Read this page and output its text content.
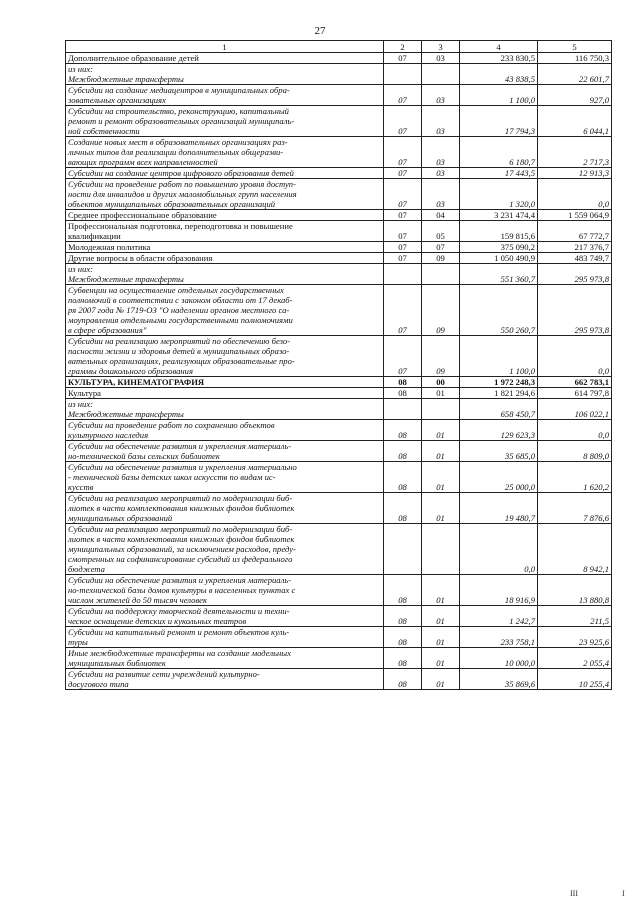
27
1	2	3	4	5
Дополнительное образование детей	07	03	233 830,5	116 750,3
из них:
Межбюджетные трансферты			43 838,5	22 601,7
Субсидии на создание медиацентров в муниципальных обра-
зовательных организациях	07	03	1 100,0	927,0
Субсидии на строительство, реконструкцию, капитальный
ремонт и ремонт образовательных организаций муниципаль-
ной собственности	07	03	17 794,3	6 044,1
Создание новых мест в образовательных организациях раз-
личных типов для реализации дополнительных общеразви-
вающих программ всех направленностей	07	03	6 180,7	2 717,3
Субсидии на создание центров цифрового образования детей	07	03	17 443,5	12 913,3
Субсидии на проведение работ по повышению уровня доступ-
ности для инвалидов и других маломобильных групп населения
объектов муниципальных образовательных организаций	07	03	1 320,0	0,0
Среднее профессиональное образование	07	04	3 231 474,4	1 559 064,9
Профессиональная подготовка, переподготовка и повышение
квалификации	07	05	159 815,6	67 772,7
Молодежная политика	07	07	375 090,2	217 376,7
Другие вопросы в области образования	07	09	1 050 490,9	483 749,7
из них:
Межбюджетные трансферты			551 360,7	295 973,8
Субвенции на осуществление отдельных государственных
полномочий в соответствии с законом области от 17 декаб-
ря 2007 года № 1719-ОЗ "О наделении органов местного са-
моуправления отдельными государственными полномочиями
в сфере образования"	07	09	550 260,7	295 973,8
Субсидии на реализацию мероприятий по обеспечению безо-
пасности жизни и здоровья детей в муниципальных образо-
вательных организациях, реализующих образовательные про-
граммы дошкольного образования	07	09	1 100,0	0,0
КУЛЬТУРА, КИНЕМАТОГРАФИЯ	08	00	1 972 248,3	662 783,1
Культура	08	01	1 821 294,6	614 797,8
из них:
Межбюджетные трансферты			658 450,7	106 022,1
Субсидии на проведение работ по сохранению объектов
культурного наследия	08	01	129 623,3	0,0
Субсидии на обеспечение развития и укрепления материаль-
но-технической базы сельских библиотек	08	01	35 685,0	8 809,0
Субсидии на обеспечение развития и укрепления материально
- технической базы детских школ искусств по видам ис-
кусств	08	01	25 000,0	1 620,2
Субсидии на реализацию мероприятий по модернизации биб-
лиотек в части комплектования книжных фондов библиотек
муниципальных образований	08	01	19 480,7	7 876,6
Субсидии на реализацию мероприятий по модернизации биб-
лиотек в части комплектования книжных фондов библиотек
муниципальных образований, за исключением расходов, преду-
смотренных на софинансирование субсидий из федерального
бюджета			0,0	8 942,1
Субсидии на обеспечение развития и укрепления материаль-
но-технической базы домов культуры в населенных пунктах с
числом жителей до 50 тысяч человек	08	01	18 916,9	13 880,8
Субсидии на поддержку творческой деятельности и техни-
ческое оснащение детских и кукольных театров	08	01	1 242,7	211,5
Субсидии на капитальный ремонт и ремонт объектов куль-
туры	08	01	233 758,1	23 925,6
Иные межбюджетные трансферты на создание модельных
муниципальных библиотек	08	01	10 000,0	2 055,4
Субсидии на развитие сети учреждений культурно-
досугового типа	08	01	35 869,6	10 255,4
III	I
